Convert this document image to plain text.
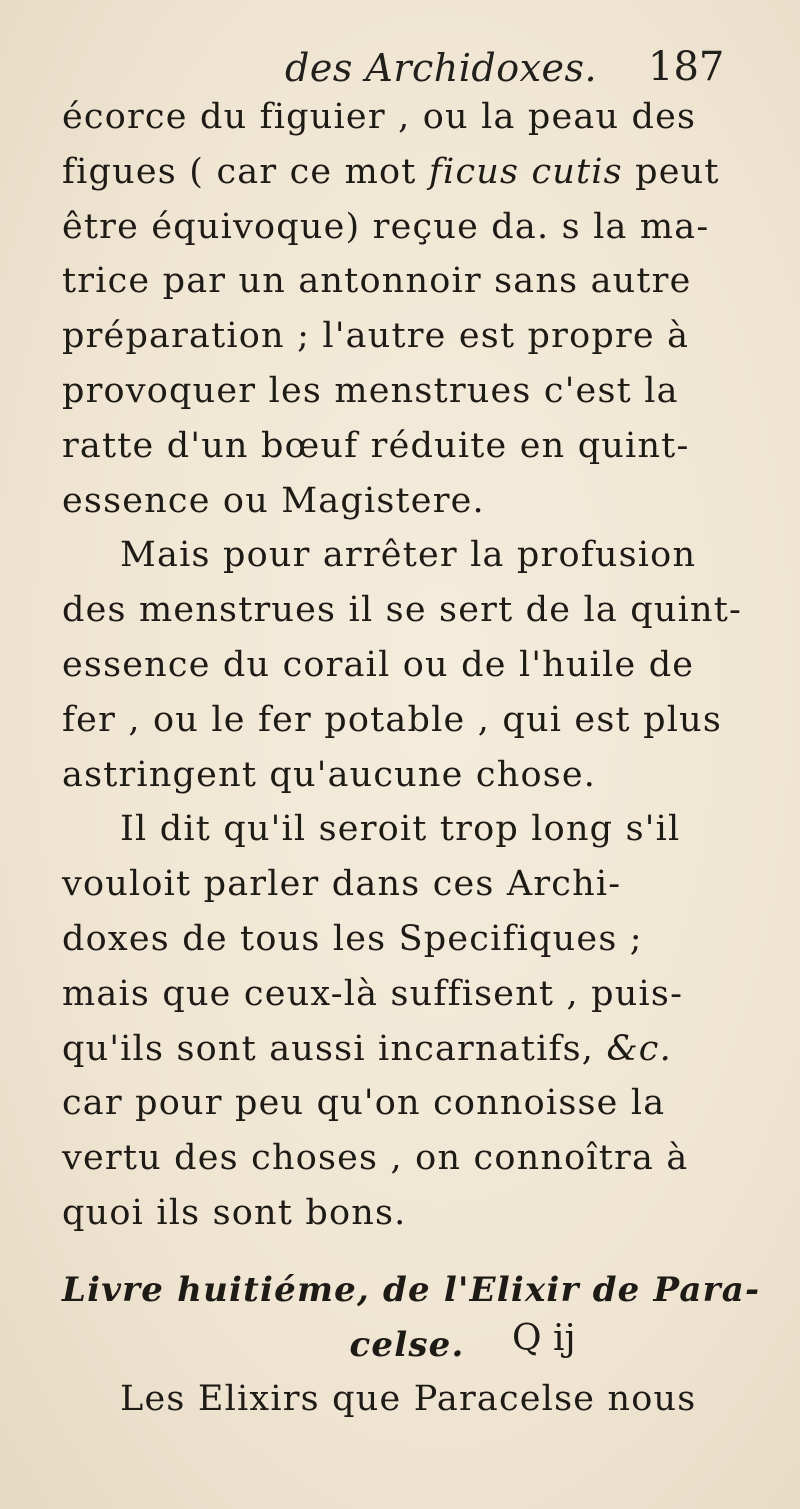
des Archidoxes. 187
écorce du figuier , ou la peau des
figues ( car ce mot ficus cutis peut
être équivoque) reçue da. s la ma-
trice par un antonnoir sans autre
préparation ; l'autre est propre à
provoquer les menstrues c'est la
ratte d'un bœuf réduite en quint-
essence ou Magistere.
Mais pour arrêter la profusion
des menstrues il se sert de la quint-
essence du corail ou de l'huile de
fer , ou le fer potable , qui est plus
astringent qu'aucune chose.
Il dit qu'il seroit trop long s'il
vouloit parler dans ces Archi-
doxes de tous les Specifiques ;
mais que ceux-là suffisent , puis-
qu'ils sont aussi incarnatifs, &c.
car pour peu qu'on connoisse la
vertu des choses , on connoîtra à
quoi ils sont bons.
Livre huitiéme, de l'Elixir de Para-
celse.
Les Elixirs que Paracelse nous
Q ij
